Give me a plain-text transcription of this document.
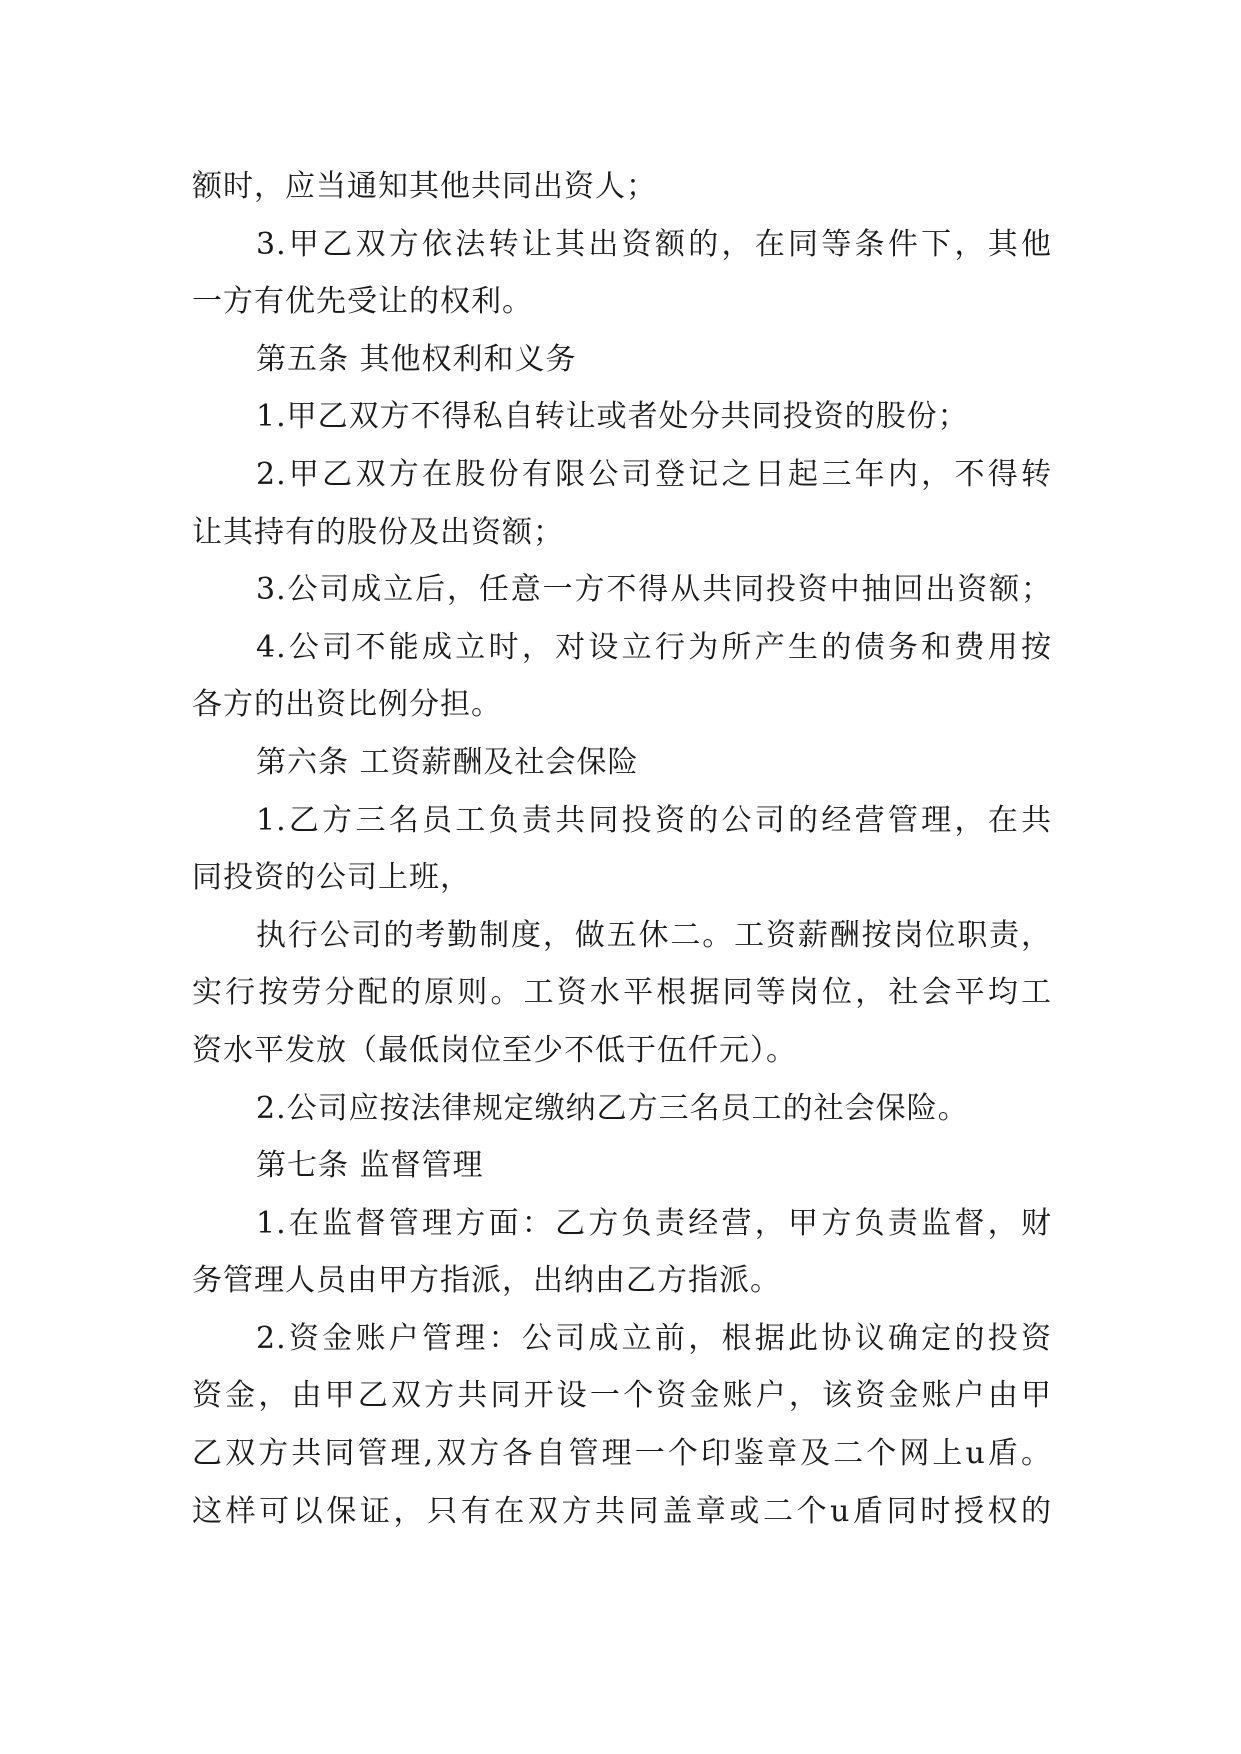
额时，应当通知其他共同出资人；
3.甲乙双方依法转让其出资额的，在同等条件下，其他
一方有优先受让的权利。
第五条 其他权利和义务
1.甲乙双方不得私自转让或者处分共同投资的股份；
2.甲乙双方在股份有限公司登记之日起三年内，不得转
让其持有的股份及出资额；
3.公司成立后，任意一方不得从共同投资中抽回出资额；
4.公司不能成立时，对设立行为所产生的债务和费用按
各方的出资比例分担。
第六条 工资薪酬及社会保险
1.乙方三名员工负责共同投资的公司的经营管理，在共
同投资的公司上班，
执行公司的考勤制度，做五休二。工资薪酬按岗位职责，
实行按劳分配的原则。工资水平根据同等岗位，社会平均工
资水平发放（最低岗位至少不低于伍仟元）。
2.公司应按法律规定缴纳乙方三名员工的社会保险。
第七条 监督管理
1.在监督管理方面：乙方负责经营，甲方负责监督，财
务管理人员由甲方指派，出纳由乙方指派。
2.资金账户管理：公司成立前，根据此协议确定的投资
资金，由甲乙双方共同开设一个资金账户，该资金账户由甲
乙双方共同管理,双方各自管理一个印鉴章及二个网上u盾。
这样可以保证，只有在双方共同盖章或二个u盾同时授权的
